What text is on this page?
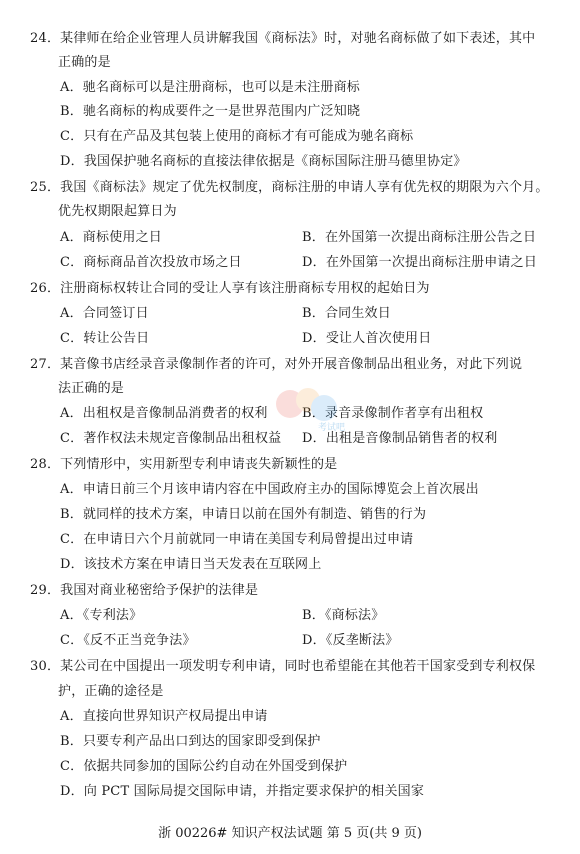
24．某律师在给企业管理人员讲解我国《商标法》时，对驰名商标做了如下表述，其中
正确的是
A．驰名商标可以是注册商标，也可以是未注册商标
B．驰名商标的构成要件之一是世界范围内广泛知晓
C．只有在产品及其包装上使用的商标才有可能成为驰名商标
D．我国保护驰名商标的直接法律依据是《商标国际注册马德里协定》
25．我国《商标法》规定了优先权制度，商标注册的申请人享有优先权的期限为六个月。
优先权期限起算日为
A．商标使用之日	B．在外国第一次提出商标注册公告之日
C．商标商品首次投放市场之日	D．在外国第一次提出商标注册申请之日
26．注册商标权转让合同的受让人享有该注册商标专用权的起始日为
A．合同签订日	B．合同生效日
C．转让公告日	D．受让人首次使用日
27．某音像书店经录音录像制作者的许可，对外开展音像制品出租业务，对此下列说
法正确的是
A．出租权是音像制品消费者的权利	B．录音录像制作者享有出租权
C．著作权法未规定音像制品出租权益 D．出租是音像制品销售者的权利
28．下列情形中，实用新型专利申请丧失新颖性的是
A．申请日前三个月该申请内容在中国政府主办的国际博览会上首次展出
B．就同样的技术方案，申请日以前在国外有制造、销售的行为
C．在申请日六个月前就同一申请在美国专利局曾提出过申请
D．该技术方案在申请日当天发表在互联网上
29．我国对商业秘密给予保护的法律是
A．《专利法》	B．《商标法》
C．《反不正当竞争法》	D．《反垄断法》
30．某公司在中国提出一项发明专利申请，同时也希望能在其他若干国家受到专利权保
护，正确的途径是
A．直接向世界知识产权局提出申请
B．只要专利产品出口到达的国家即受到保护
C．依据共同参加的国际公约自动在外国受到保护
D．向 PCT 国际局提交国际申请，并指定要求保护的相关国家
考试吧
浙 00226# 知识产权法试题 第 5 页(共 9 页)
